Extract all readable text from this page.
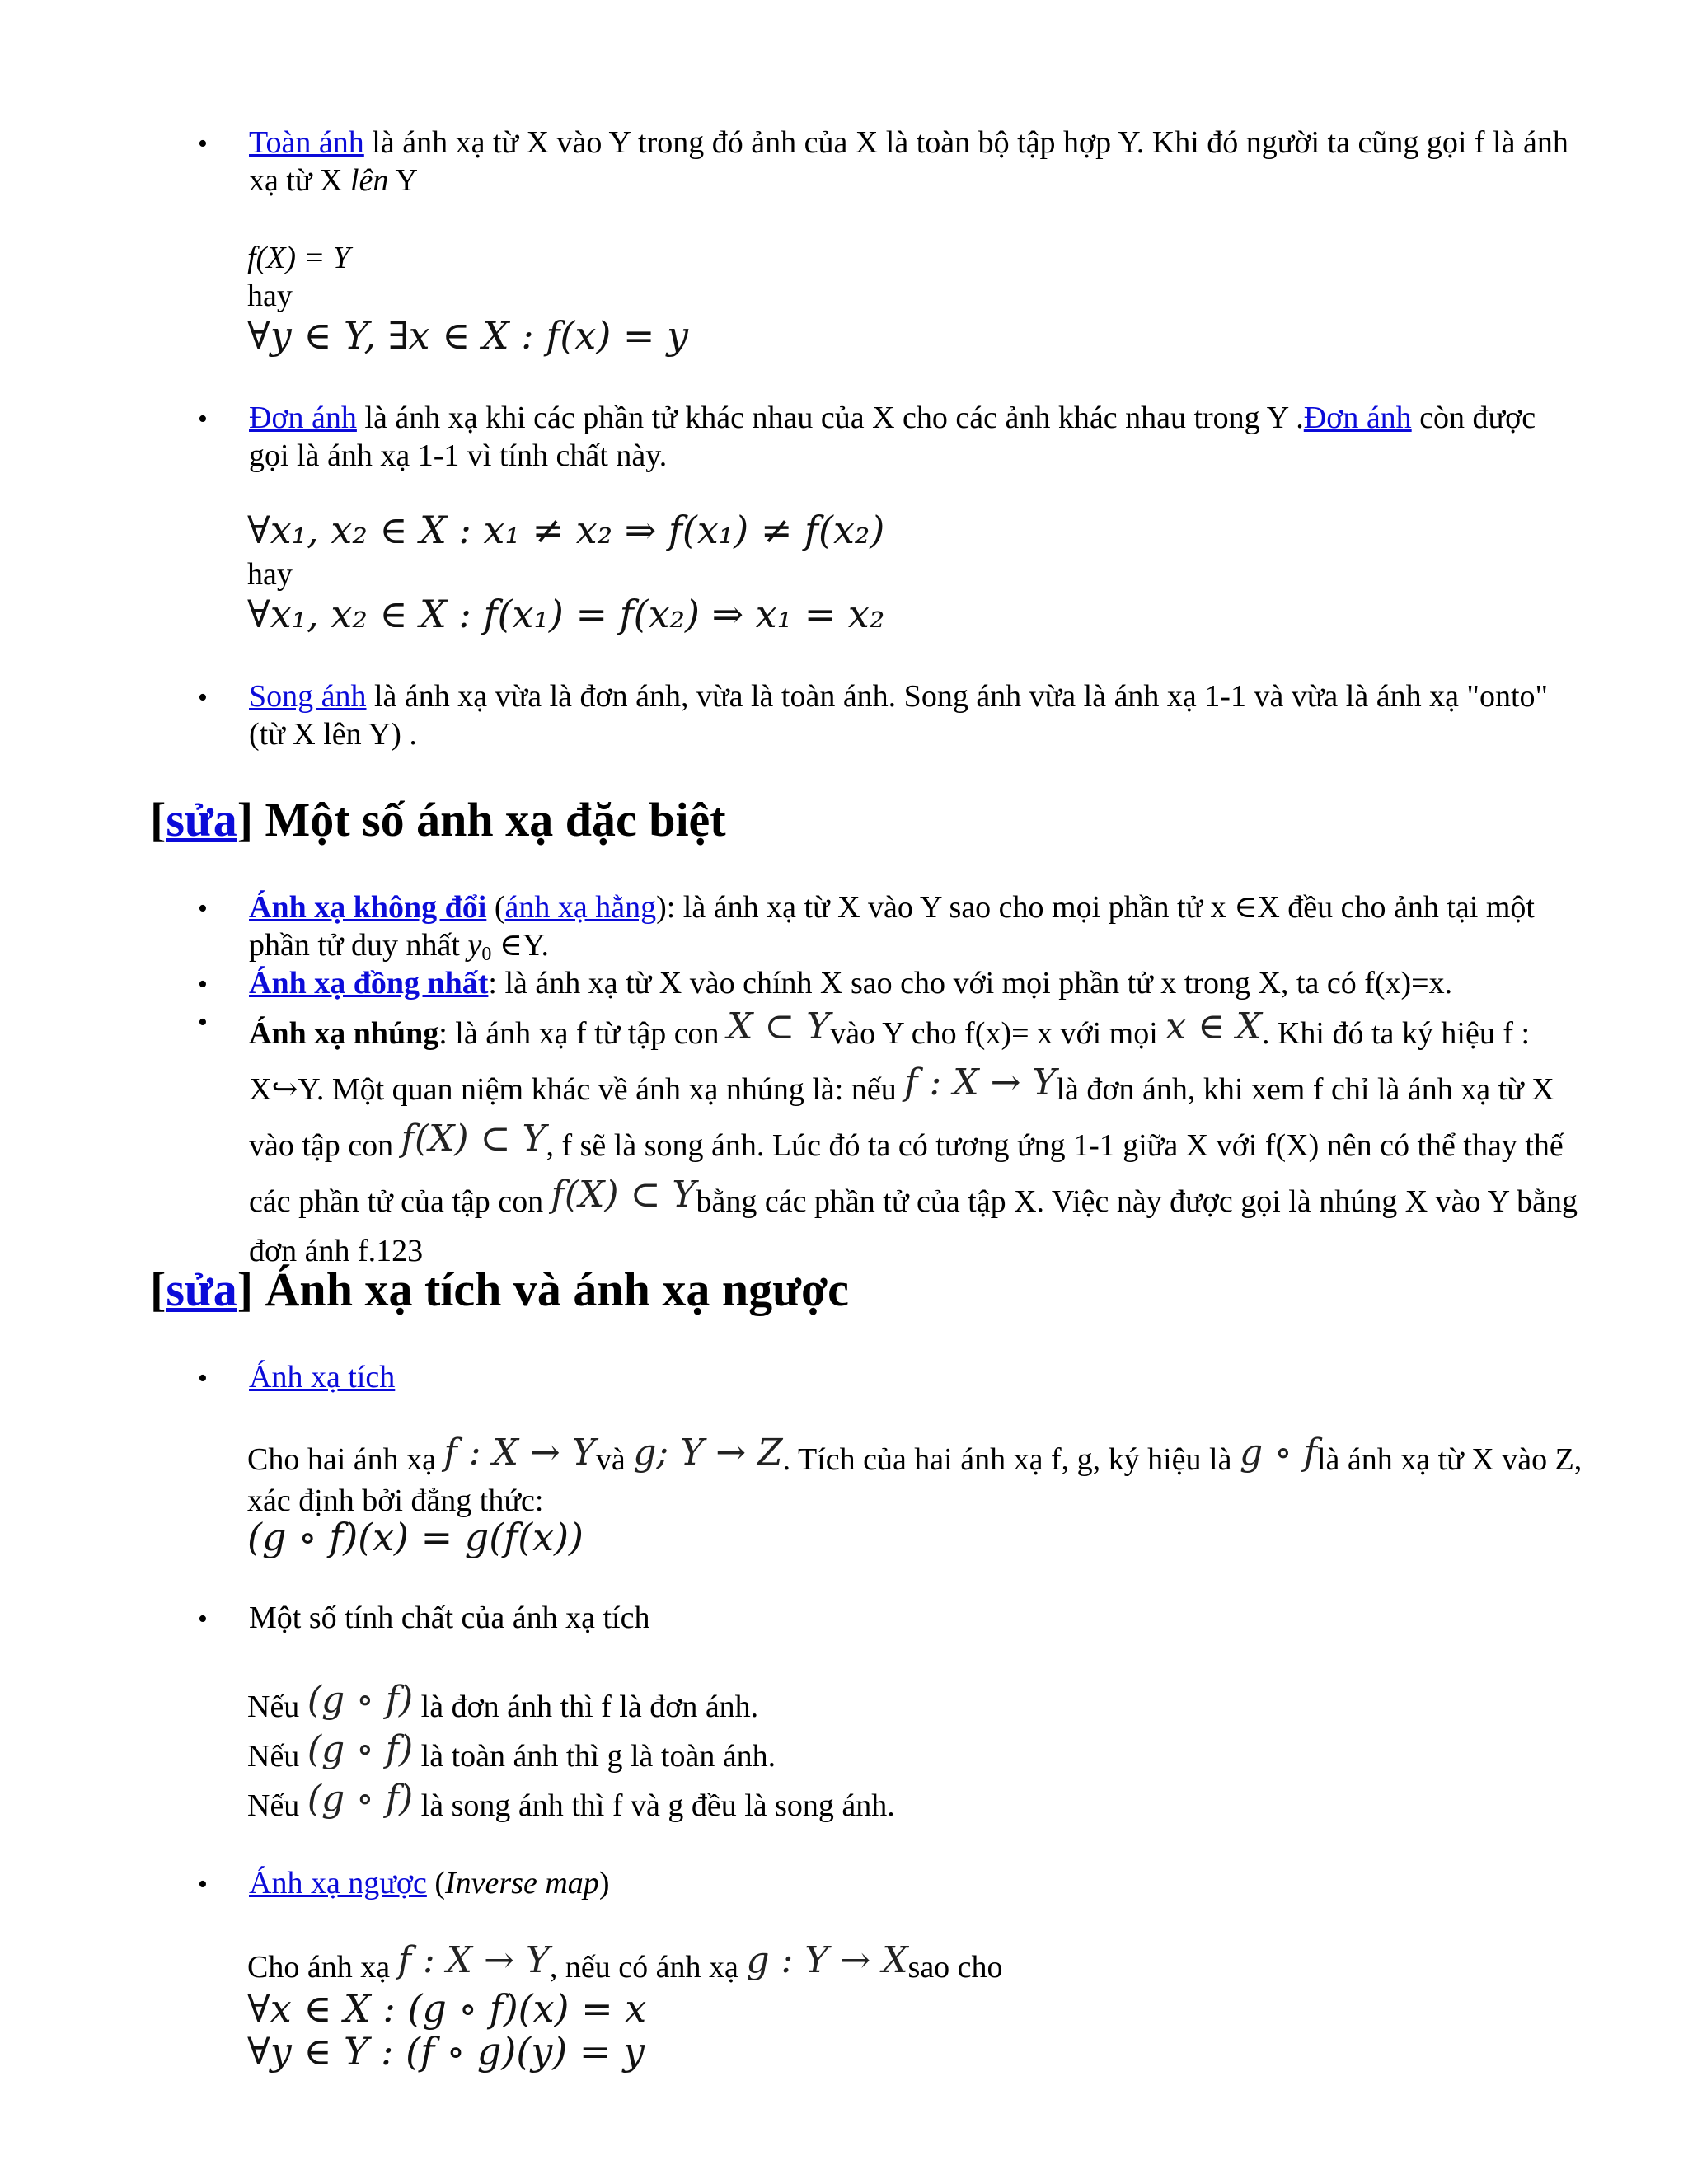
• Toàn ánh là ánh xạ từ X vào Y trong đó ảnh của X là toàn bộ tập hợp Y. Khi đó người ta cũng gọi f là ánh xạ từ X lên Y
f(X) = Y
hay
∀y ∈ Y, ∃x ∈ X : f(x) = y
• Đơn ánh là ánh xạ khi các phần tử khác nhau của X cho các ảnh khác nhau trong Y .Đơn ánh còn được gọi là ánh xạ 1-1 vì tính chất này.
∀x₁, x₂ ∈ X : x₁ ≠ x₂ ⇒ f(x₁) ≠ f(x₂)
hay
∀x₁, x₂ ∈ X : f(x₁) = f(x₂) ⇒ x₁ = x₂
• Song ánh là ánh xạ vừa là đơn ánh, vừa là toàn ánh. Song ánh vừa là ánh xạ 1-1 và vừa là ánh xạ "onto" (từ X lên Y) .
[sửa] Một số ánh xạ đặc biệt
• Ánh xạ không đổi (ánh xạ hằng): là ánh xạ từ X vào Y sao cho mọi phần tử x ∈X đều cho ảnh tại một phần tử duy nhất $y_0$ ∈Y.
• Ánh xạ đồng nhất: là ánh xạ từ X vào chính X sao cho với mọi phần tử x trong X, ta có f(x)=x.
• Ánh xạ nhúng: là ánh xạ f từ tập con X ⊂ Yvào Y cho f(x)= x với mọi x ∈ X. Khi đó ta ký hiệu f : X↪Y. Một quan niệm khác về ánh xạ nhúng là: nếu f : X → Ylà đơn ánh, khi xem f chỉ là ánh xạ từ X vào tập con f(X) ⊂ Y, f sẽ là song ánh. Lúc đó ta có tương ứng 1-1 giữa X với f(X) nên có thể thay thế các phần tử của tập con f(X) ⊂ Ybằng các phần tử của tập X. Việc này được gọi là nhúng X vào Y bằng đơn ánh f.123
[sửa] Ánh xạ tích và ánh xạ ngược
• Ánh xạ tích
Cho hai ánh xạ f : X → Yvà g; Y → Z. Tích của hai ánh xạ f, g, ký hiệu là g ∘ flà ánh xạ từ X vào Z, xác định bởi đẳng thức:
(g ∘ f)(x) = g(f(x))
• Một số tính chất của ánh xạ tích
Nếu (g ∘ f) là đơn ánh thì f là đơn ánh.
Nếu (g ∘ f) là toàn ánh thì g là toàn ánh.
Nếu (g ∘ f) là song ánh thì f và g đều là song ánh.
• Ánh xạ ngược (Inverse map)
Cho ánh xạ f : X → Y, nếu có ánh xạ g : Y → Xsao cho
∀x ∈ X : (g ∘ f)(x) = x
∀y ∈ Y : (f ∘ g)(y) = y
